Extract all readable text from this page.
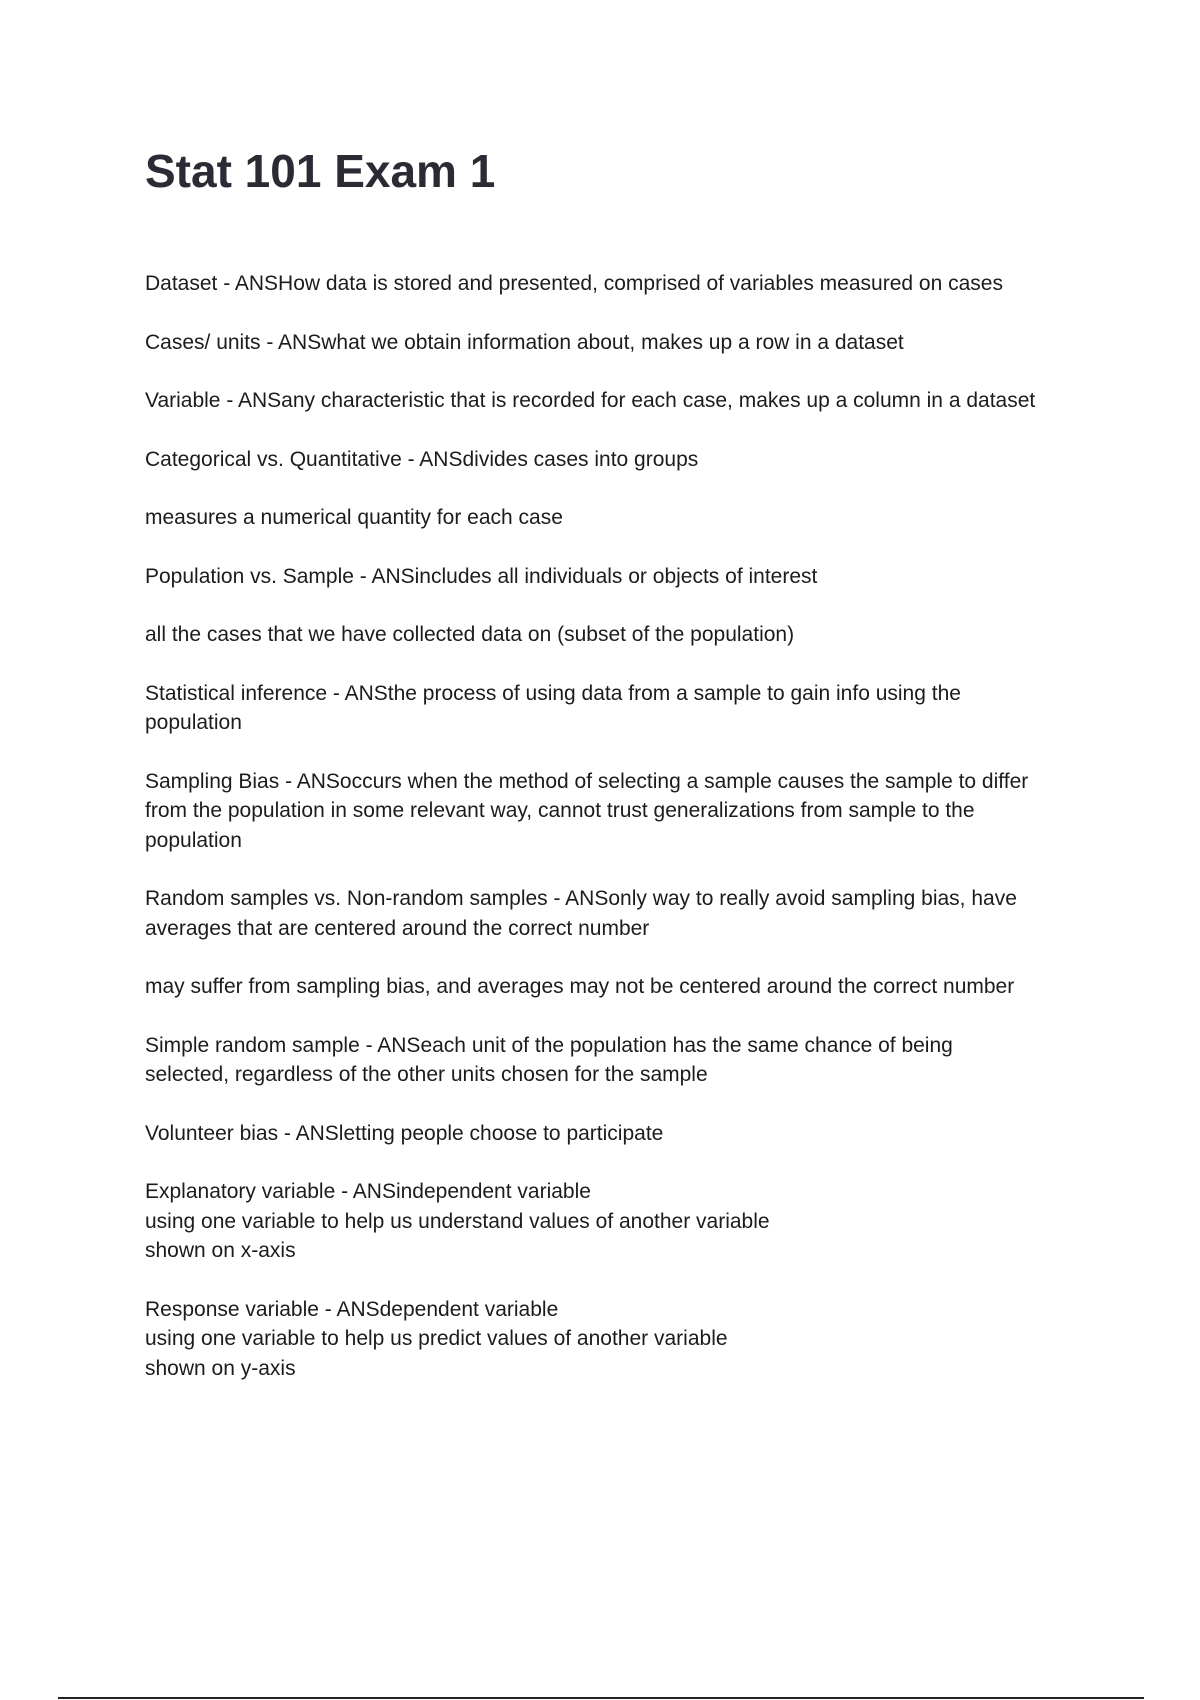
Stat 101 Exam 1

Dataset - ANSHow data is stored and presented, comprised of variables measured on cases

Cases/ units - ANSwhat we obtain information about, makes up a row in a dataset

Variable - ANSany characteristic that is recorded for each case, makes up a column in a dataset

Categorical vs. Quantitative - ANSdivides cases into groups

measures a numerical quantity for each case

Population vs. Sample - ANSincludes all individuals or objects of interest

all the cases that we have collected data on (subset of the population)

Statistical inference - ANSthe process of using data from a sample to gain info using the
population

Sampling Bias - ANSoccurs when the method of selecting a sample causes the sample to differ
from the population in some relevant way, cannot trust generalizations from sample to the
population

Random samples vs. Non-random samples - ANSonly way to really avoid sampling bias, have
averages that are centered around the correct number

may suffer from sampling bias, and averages may not be centered around the correct number

Simple random sample - ANSeach unit of the population has the same chance of being
selected, regardless of the other units chosen for the sample

Volunteer bias - ANSletting people choose to participate

Explanatory variable - ANSindependent variable
using one variable to help us understand values of another variable
shown on x-axis

Response variable - ANSdependent variable
using one variable to help us predict values of another variable
shown on y-axis
